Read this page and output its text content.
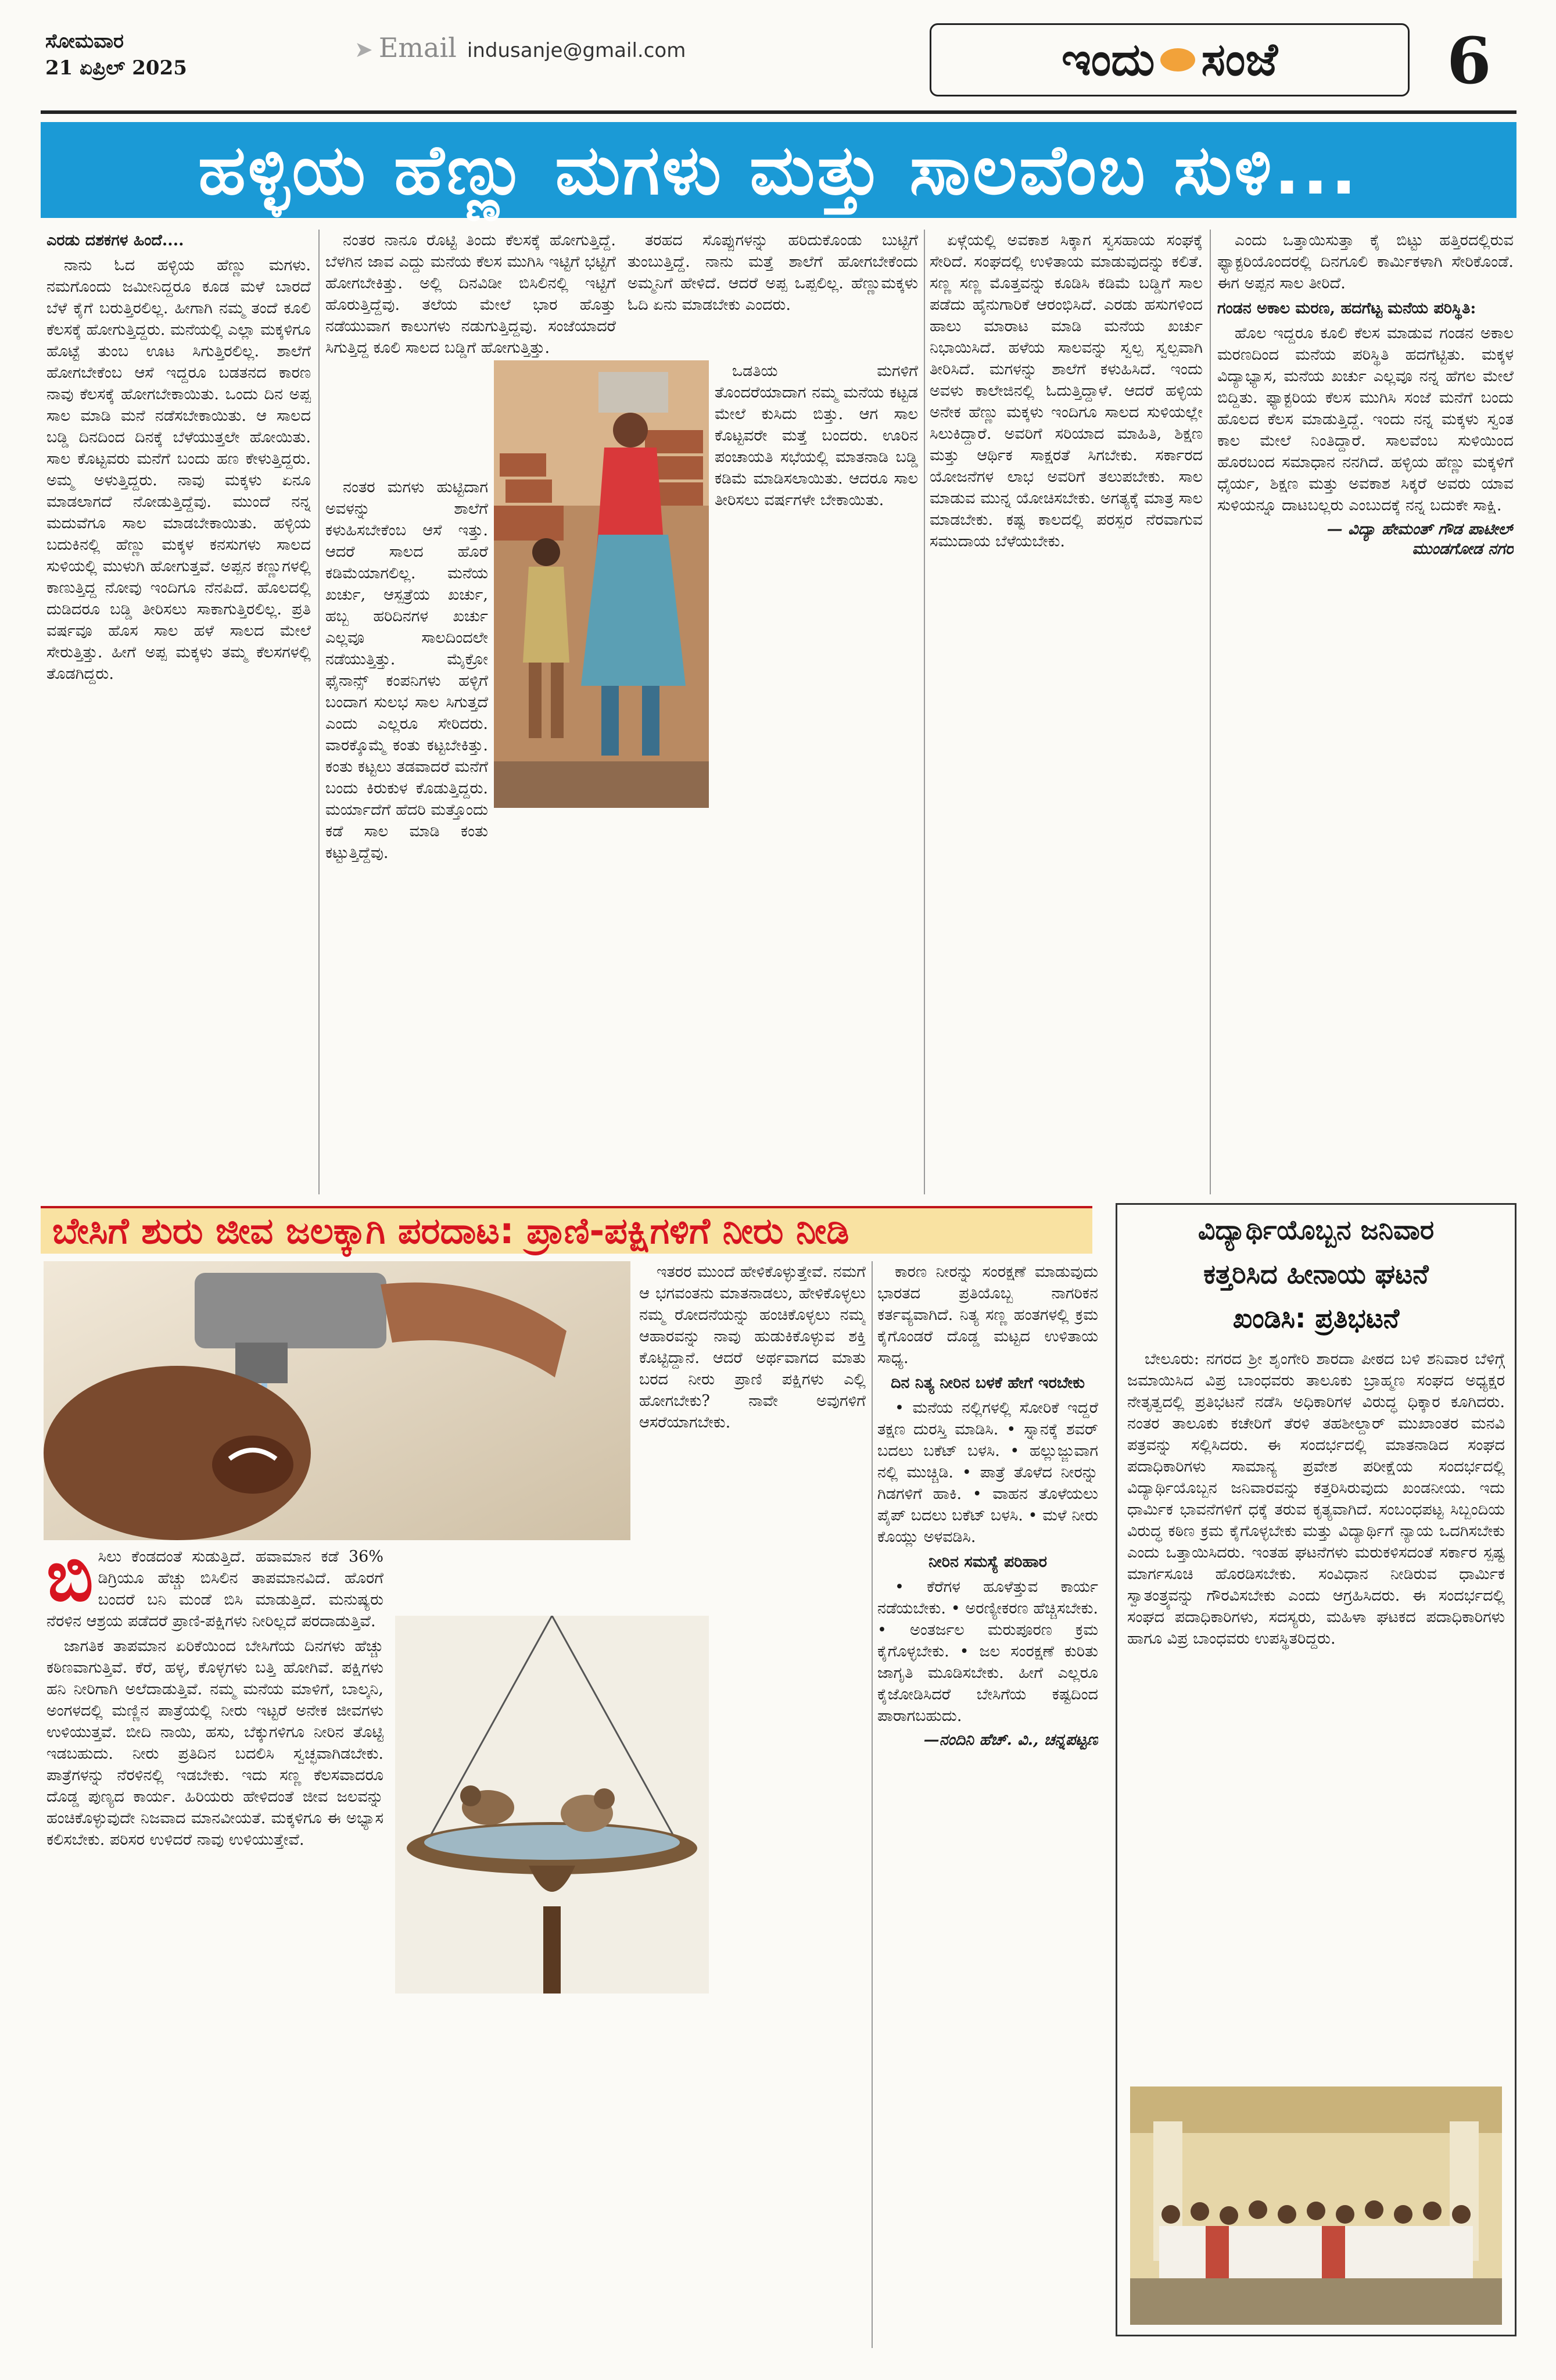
ಸೋಮವಾರ
21 ಏಪ್ರಿಲ್ 2025
➤ Email indusanje@gmail.com	ಇಂದು ಸಂಜೆ	6
ಹಳ್ಳಿಯ ಹೆಣ್ಣು ಮಗಳು ಮತ್ತು ಸಾಲವೆಂಬ ಸುಳಿ...

ಎರಡು ದಶಕಗಳ ಹಿಂದೆ....

ನಾನು ಓದ ಹಳ್ಳಿಯ ಹೆಣ್ಣು ಮಗಳು. ನಮಗೊಂದು ಜಮೀನಿದ್ದರೂ ಕೂಡ ಮಳೆ ಬಾರದೆ ಬೆಳೆ ಕೈಗೆ ಬರುತ್ತಿರಲಿಲ್ಲ. ಹೀಗಾಗಿ ನಮ್ಮ ತಂದೆ ಕೂಲಿ ಕೆಲಸಕ್ಕೆ ಹೋಗುತ್ತಿದ್ದರು. ಮನೆಯಲ್ಲಿ ಎಲ್ಲಾ ಮಕ್ಕಳಿಗೂ ಹೊಟ್ಟೆ ತುಂಬ ಊಟ ಸಿಗುತ್ತಿರಲಿಲ್ಲ. ಶಾಲೆಗೆ ಹೋಗಬೇಕೆಂಬ ಆಸೆ ಇದ್ದರೂ ಬಡತನದ ಕಾರಣ ನಾವು ಕೆಲಸಕ್ಕೆ ಹೋಗಬೇಕಾಯಿತು. ಒಂದು ದಿನ ಅಪ್ಪ ಸಾಲ ಮಾಡಿ ಮನೆ ನಡೆಸಬೇಕಾಯಿತು. ಆ ಸಾಲದ ಬಡ್ಡಿ ದಿನದಿಂದ ದಿನಕ್ಕೆ ಬೆಳೆಯುತ್ತಲೇ ಹೋಯಿತು. ಸಾಲ ಕೊಟ್ಟವರು ಮನೆಗೆ ಬಂದು ಹಣ ಕೇಳುತ್ತಿದ್ದರು. ಅಮ್ಮ ಅಳುತ್ತಿದ್ದರು. ನಾವು ಮಕ್ಕಳು ಏನೂ ಮಾಡಲಾಗದೆ ನೋಡುತ್ತಿದ್ದೆವು. ಮುಂದೆ ನನ್ನ ಮದುವೆಗೂ ಸಾಲ ಮಾಡಬೇಕಾಯಿತು. ಹಳ್ಳಿಯ ಬದುಕಿನಲ್ಲಿ ಹೆಣ್ಣು ಮಕ್ಕಳ ಕನಸುಗಳು ಸಾಲದ ಸುಳಿಯಲ್ಲಿ ಮುಳುಗಿ ಹೋಗುತ್ತವೆ. ಅಪ್ಪನ ಕಣ್ಣುಗಳಲ್ಲಿ ಕಾಣುತ್ತಿದ್ದ ನೋವು ಇಂದಿಗೂ ನೆನಪಿದೆ. ಹೊಲದಲ್ಲಿ ದುಡಿದರೂ ಬಡ್ಡಿ ತೀರಿಸಲು ಸಾಕಾಗುತ್ತಿರಲಿಲ್ಲ. ಪ್ರತಿ ವರ್ಷವೂ ಹೊಸ ಸಾಲ ಹಳೆ ಸಾಲದ ಮೇಲೆ ಸೇರುತ್ತಿತ್ತು. ಹೀಗೆ ಅಪ್ಪ ಮಕ್ಕಳು ತಮ್ಮ ಕೆಲಸಗಳಲ್ಲಿ ತೊಡಗಿದ್ದರು.

ನಂತರ ನಾನೂ ರೊಟ್ಟಿ ತಿಂದು ಕೆಲಸಕ್ಕೆ ಹೋಗುತ್ತಿದ್ದೆ. ಬೆಳಗಿನ ಜಾವ ಎದ್ದು ಮನೆಯ ಕೆಲಸ ಮುಗಿಸಿ ಇಟ್ಟಿಗೆ ಭಟ್ಟಿಗೆ ಹೋಗಬೇಕಿತ್ತು. ಅಲ್ಲಿ ದಿನವಿಡೀ ಬಿಸಿಲಿನಲ್ಲಿ ಇಟ್ಟಿಗೆ ಹೊರುತ್ತಿದ್ದೆವು. ತಲೆಯ ಮೇಲೆ ಭಾರ ಹೊತ್ತು ನಡೆಯುವಾಗ ಕಾಲುಗಳು ನಡುಗುತ್ತಿದ್ದವು. ಸಂಜೆಯಾದರೆ ಸಿಗುತ್ತಿದ್ದ ಕೂಲಿ ಸಾಲದ ಬಡ್ಡಿಗೆ ಹೋಗುತ್ತಿತ್ತು.

ನಂತರ ಮಗಳು ಹುಟ್ಟಿದಾಗ ಅವಳನ್ನು ಶಾಲೆಗೆ ಕಳುಹಿಸಬೇಕೆಂಬ ಆಸೆ ಇತ್ತು. ಆದರೆ ಸಾಲದ ಹೊರೆ ಕಡಿಮೆಯಾಗಲಿಲ್ಲ. ಮನೆಯ ಖರ್ಚು, ಆಸ್ಪತ್ರೆಯ ಖರ್ಚು, ಹಬ್ಬ ಹರಿದಿನಗಳ ಖರ್ಚು ಎಲ್ಲವೂ ಸಾಲದಿಂದಲೇ ನಡೆಯುತ್ತಿತ್ತು. ಮೈಕ್ರೋ ಫೈನಾನ್ಸ್ ಕಂಪನಿಗಳು ಹಳ್ಳಿಗೆ ಬಂದಾಗ ಸುಲಭ ಸಾಲ ಸಿಗುತ್ತದೆ ಎಂದು ಎಲ್ಲರೂ ಸೇರಿದರು. ವಾರಕ್ಕೊಮ್ಮೆ ಕಂತು ಕಟ್ಟಬೇಕಿತ್ತು. ಕಂತು ಕಟ್ಟಲು ತಡವಾದರೆ ಮನೆಗೆ ಬಂದು ಕಿರುಕುಳ ಕೊಡುತ್ತಿದ್ದರು. ಮರ್ಯಾದೆಗೆ ಹೆದರಿ ಮತ್ತೊಂದು ಕಡೆ ಸಾಲ ಮಾಡಿ ಕಂತು ಕಟ್ಟುತ್ತಿದ್ದೆವು.

ತರಹದ ಸೊಪ್ಪುಗಳನ್ನು ಹರಿದುಕೊಂಡು ಬುಟ್ಟಿಗೆ ತುಂಬುತ್ತಿದ್ದೆ. ನಾನು ಮತ್ತೆ ಶಾಲೆಗೆ ಹೋಗಬೇಕೆಂದು ಅಮ್ಮನಿಗೆ ಹೇಳಿದೆ. ಆದರೆ ಅಪ್ಪ ಒಪ್ಪಲಿಲ್ಲ. ಹೆಣ್ಣುಮಕ್ಕಳು ಓದಿ ಏನು ಮಾಡಬೇಕು ಎಂದರು.

ಒಡತಿಯ ಮಗಳಿಗೆ ತೊಂದರೆಯಾದಾಗ ನಮ್ಮ ಮನೆಯ ಕಟ್ಟಡ ಮೇಲೆ ಕುಸಿದು ಬಿತ್ತು. ಆಗ ಸಾಲ ಕೊಟ್ಟವರೇ ಮತ್ತೆ ಬಂದರು. ಊರಿನ ಪಂಚಾಯತಿ ಸಭೆಯಲ್ಲಿ ಮಾತನಾಡಿ ಬಡ್ಡಿ ಕಡಿಮೆ ಮಾಡಿಸಲಾಯಿತು. ಆದರೂ ಸಾಲ ತೀರಿಸಲು ವರ್ಷಗಳೇ ಬೇಕಾಯಿತು.

ಏಳ್ಗೆಯಲ್ಲಿ ಅವಕಾಶ ಸಿಕ್ಕಾಗ ಸ್ವಸಹಾಯ ಸಂಘಕ್ಕೆ ಸೇರಿದೆ. ಸಂಘದಲ್ಲಿ ಉಳಿತಾಯ ಮಾಡುವುದನ್ನು ಕಲಿತೆ. ಸಣ್ಣ ಸಣ್ಣ ಮೊತ್ತವನ್ನು ಕೂಡಿಸಿ ಕಡಿಮೆ ಬಡ್ಡಿಗೆ ಸಾಲ ಪಡೆದು ಹೈನುಗಾರಿಕೆ ಆರಂಭಿಸಿದೆ. ಎರಡು ಹಸುಗಳಿಂದ ಹಾಲು ಮಾರಾಟ ಮಾಡಿ ಮನೆಯ ಖರ್ಚು ನಿಭಾಯಿಸಿದೆ. ಹಳೆಯ ಸಾಲವನ್ನು ಸ್ವಲ್ಪ ಸ್ವಲ್ಪವಾಗಿ ತೀರಿಸಿದೆ. ಮಗಳನ್ನು ಶಾಲೆಗೆ ಕಳುಹಿಸಿದೆ. ಇಂದು ಅವಳು ಕಾಲೇಜಿನಲ್ಲಿ ಓದುತ್ತಿದ್ದಾಳೆ. ಆದರೆ ಹಳ್ಳಿಯ ಅನೇಕ ಹೆಣ್ಣು ಮಕ್ಕಳು ಇಂದಿಗೂ ಸಾಲದ ಸುಳಿಯಲ್ಲೇ ಸಿಲುಕಿದ್ದಾರೆ. ಅವರಿಗೆ ಸರಿಯಾದ ಮಾಹಿತಿ, ಶಿಕ್ಷಣ ಮತ್ತು ಆರ್ಥಿಕ ಸಾಕ್ಷರತೆ ಸಿಗಬೇಕು. ಸರ್ಕಾರದ ಯೋಜನೆಗಳ ಲಾಭ ಅವರಿಗೆ ತಲುಪಬೇಕು. ಸಾಲ ಮಾಡುವ ಮುನ್ನ ಯೋಚಿಸಬೇಕು. ಅಗತ್ಯಕ್ಕೆ ಮಾತ್ರ ಸಾಲ ಮಾಡಬೇಕು. ಕಷ್ಟ ಕಾಲದಲ್ಲಿ ಪರಸ್ಪರ ನೆರವಾಗುವ ಸಮುದಾಯ ಬೆಳೆಯಬೇಕು.

ಎಂದು ಒತ್ತಾಯಿಸುತ್ತಾ ಕೈ ಬಿಟ್ಟು ಹತ್ತಿರದಲ್ಲಿರುವ ಫ್ಯಾಕ್ಟರಿಯೊಂದರಲ್ಲಿ ದಿನಗೂಲಿ ಕಾರ್ಮಿಕಳಾಗಿ ಸೇರಿಕೊಂಡೆ. ಈಗ ಅಪ್ಪನ ಸಾಲ ತೀರಿದೆ.

ಗಂಡನ ಅಕಾಲ ಮರಣ, ಹದಗೆಟ್ಟ ಮನೆಯ ಪರಿಸ್ಥಿತಿ:

ಹೊಲ ಇದ್ದರೂ ಕೂಲಿ ಕೆಲಸ ಮಾಡುವ ಗಂಡನ ಅಕಾಲ ಮರಣದಿಂದ ಮನೆಯ ಪರಿಸ್ಥಿತಿ ಹದಗೆಟ್ಟಿತು. ಮಕ್ಕಳ ವಿದ್ಯಾಭ್ಯಾಸ, ಮನೆಯ ಖರ್ಚು ಎಲ್ಲವೂ ನನ್ನ ಹೆಗಲ ಮೇಲೆ ಬಿದ್ದಿತು. ಫ್ಯಾಕ್ಟರಿಯ ಕೆಲಸ ಮುಗಿಸಿ ಸಂಜೆ ಮನೆಗೆ ಬಂದು ಹೊಲದ ಕೆಲಸ ಮಾಡುತ್ತಿದ್ದೆ. ಇಂದು ನನ್ನ ಮಕ್ಕಳು ಸ್ವಂತ ಕಾಲ ಮೇಲೆ ನಿಂತಿದ್ದಾರೆ. ಸಾಲವೆಂಬ ಸುಳಿಯಿಂದ ಹೊರಬಂದ ಸಮಾಧಾನ ನನಗಿದೆ. ಹಳ್ಳಿಯ ಹೆಣ್ಣು ಮಕ್ಕಳಿಗೆ ಧೈರ್ಯ, ಶಿಕ್ಷಣ ಮತ್ತು ಅವಕಾಶ ಸಿಕ್ಕರೆ ಅವರು ಯಾವ ಸುಳಿಯನ್ನೂ ದಾಟಬಲ್ಲರು ಎಂಬುದಕ್ಕೆ ನನ್ನ ಬದುಕೇ ಸಾಕ್ಷಿ.

— ವಿದ್ಯಾ ಹೇಮಂತ್ ಗೌಡ ಪಾಟೀಲ್
ಮುಂಡಗೋಡ ನಗರ
ಬೇಸಿಗೆ ಶುರು ಜೀವ ಜಲಕ್ಕಾಗಿ ಪರದಾಟ:
ಪ್ರಾಣಿ-ಪಕ್ಷಿಗಳಿಗೆ ನೀರು ನೀಡಿ

ಇತರರ ಮುಂದೆ ಹೇಳಿಕೊಳ್ಳುತ್ತೇವೆ. ನಮಗೆ ಆ ಭಗವಂತನು ಮಾತನಾಡಲು, ಹೇಳಿಕೊಳ್ಳಲು ನಮ್ಮ ರೋದನೆಯನ್ನು ಹಂಚಿಕೊಳ್ಳಲು ನಮ್ಮ ಆಹಾರವನ್ನು ನಾವು ಹುಡುಕಿಕೊಳ್ಳುವ ಶಕ್ತಿ ಕೊಟ್ಟಿದ್ದಾನೆ. ಆದರೆ ಅರ್ಥವಾಗದ ಮಾತು ಬರದ ನೀರು ಪ್ರಾಣಿ ಪಕ್ಷಿಗಳು ಎಲ್ಲಿ ಹೋಗಬೇಕು? ನಾವೇ ಅವುಗಳಿಗೆ ಆಸರೆಯಾಗಬೇಕು.

ಬಿಸಿಲು ಕೆಂಡದಂತೆ ಸುಡುತ್ತಿದೆ. ಹವಾಮಾನ ಕಡೆ 36% ಡಿಗ್ರಿಯೂ ಹೆಚ್ಚು ಬಿಸಿಲಿನ ತಾಪಮಾನವಿದೆ. ಹೊರಗೆ ಬಂದರೆ ಬನಿ ಮಂಡೆ ಬಿಸಿ ಮಾಡುತ್ತಿದೆ. ಮನುಷ್ಯರು ನೆರಳಿನ ಆಶ್ರಯ ಪಡೆದರೆ ಪ್ರಾಣಿ-ಪಕ್ಷಿಗಳು ನೀರಿಲ್ಲದೆ ಪರದಾಡುತ್ತಿವೆ.

ಜಾಗತಿಕ ತಾಪಮಾನ ಏರಿಕೆಯಿಂದ ಬೇಸಿಗೆಯ ದಿನಗಳು ಹೆಚ್ಚು ಕಠಿಣವಾಗುತ್ತಿವೆ. ಕೆರೆ, ಹಳ್ಳ, ಕೊಳ್ಳಗಳು ಬತ್ತಿ ಹೋಗಿವೆ. ಪಕ್ಷಿಗಳು ಹನಿ ನೀರಿಗಾಗಿ ಅಲೆದಾಡುತ್ತಿವೆ. ನಮ್ಮ ಮನೆಯ ಮಾಳಿಗೆ, ಬಾಲ್ಕನಿ, ಅಂಗಳದಲ್ಲಿ ಮಣ್ಣಿನ ಪಾತ್ರೆಯಲ್ಲಿ ನೀರು ಇಟ್ಟರೆ ಅನೇಕ ಜೀವಗಳು ಉಳಿಯುತ್ತವೆ. ಬೀದಿ ನಾಯಿ, ಹಸು, ಬೆಕ್ಕುಗಳಿಗೂ ನೀರಿನ ತೊಟ್ಟಿ ಇಡಬಹುದು. ನೀರು ಪ್ರತಿದಿನ ಬದಲಿಸಿ ಸ್ವಚ್ಛವಾಗಿಡಬೇಕು. ಪಾತ್ರೆಗಳನ್ನು ನೆರಳಿನಲ್ಲಿ ಇಡಬೇಕು. ಇದು ಸಣ್ಣ ಕೆಲಸವಾದರೂ ದೊಡ್ಡ ಪುಣ್ಯದ ಕಾರ್ಯ. ಹಿರಿಯರು ಹೇಳಿದಂತೆ ಜೀವ ಜಲವನ್ನು ಹಂಚಿಕೊಳ್ಳುವುದೇ ನಿಜವಾದ ಮಾನವೀಯತೆ. ಮಕ್ಕಳಿಗೂ ಈ ಅಭ್ಯಾಸ ಕಲಿಸಬೇಕು. ಪರಿಸರ ಉಳಿದರೆ ನಾವು ಉಳಿಯುತ್ತೇವೆ.

ಕಾರಣ ನೀರನ್ನು ಸಂರಕ್ಷಣೆ ಮಾಡುವುದು ಭಾರತದ ಪ್ರತಿಯೊಬ್ಬ ನಾಗರಿಕನ ಕರ್ತವ್ಯವಾಗಿದೆ. ನಿತ್ಯ ಸಣ್ಣ ಹಂತಗಳಲ್ಲಿ ಕ್ರಮ ಕೈಗೊಂಡರೆ ದೊಡ್ಡ ಮಟ್ಟದ ಉಳಿತಾಯ ಸಾಧ್ಯ.

ದಿನ ನಿತ್ಯ ನೀರಿನ ಬಳಕೆ ಹೇಗೆ ಇರಬೇಕು

• ಮನೆಯ ನಲ್ಲಿಗಳಲ್ಲಿ ಸೋರಿಕೆ ಇದ್ದರೆ ತಕ್ಷಣ ದುರಸ್ತಿ ಮಾಡಿಸಿ. • ಸ್ನಾನಕ್ಕೆ ಶವರ್ ಬದಲು ಬಕೆಟ್ ಬಳಸಿ. • ಹಲ್ಲುಜ್ಜುವಾಗ ನಲ್ಲಿ ಮುಚ್ಚಿಡಿ. • ಪಾತ್ರೆ ತೊಳೆದ ನೀರನ್ನು ಗಿಡಗಳಿಗೆ ಹಾಕಿ. • ವಾಹನ ತೊಳೆಯಲು ಪೈಪ್ ಬದಲು ಬಕೆಟ್ ಬಳಸಿ. • ಮಳೆ ನೀರು ಕೊಯ್ಲು ಅಳವಡಿಸಿ.

ನೀರಿನ ಸಮಸ್ಯೆ ಪರಿಹಾರ

• ಕೆರೆಗಳ ಹೂಳೆತ್ತುವ ಕಾರ್ಯ ನಡೆಯಬೇಕು. • ಅರಣ್ಯೀಕರಣ ಹೆಚ್ಚಿಸಬೇಕು. • ಅಂತರ್ಜಲ ಮರುಪೂರಣ ಕ್ರಮ ಕೈಗೊಳ್ಳಬೇಕು. • ಜಲ ಸಂರಕ್ಷಣೆ ಕುರಿತು ಜಾಗೃತಿ ಮೂಡಿಸಬೇಕು. ಹೀಗೆ ಎಲ್ಲರೂ ಕೈಜೋಡಿಸಿದರೆ ಬೇಸಿಗೆಯ ಕಷ್ಟದಿಂದ ಪಾರಾಗಬಹುದು.

—ನಂದಿನಿ ಹೆಚ್. ವಿ., ಚನ್ನಪಟ್ಟಣ
ವಿದ್ಯಾರ್ಥಿಯೊಬ್ಬನ ಜನಿವಾರ
ಕತ್ತರಿಸಿದ ಹೀನಾಯ ಘಟನೆ
ಖಂಡಿಸಿ: ಪ್ರತಿಭಟನೆ

ಬೇಲೂರು: ನಗರದ ಶ್ರೀ ಶೃಂಗೇರಿ ಶಾರದಾ ಪೀಠದ ಬಳಿ ಶನಿವಾರ ಬೆಳಿಗ್ಗೆ ಜಮಾಯಿಸಿದ ವಿಪ್ರ ಬಾಂಧವರು ತಾಲೂಕು ಬ್ರಾಹ್ಮಣ ಸಂಘದ ಅಧ್ಯಕ್ಷರ ನೇತೃತ್ವದಲ್ಲಿ ಪ್ರತಿಭಟನೆ ನಡೆಸಿ ಅಧಿಕಾರಿಗಳ ವಿರುದ್ಧ ಧಿಕ್ಕಾರ ಕೂಗಿದರು. ನಂತರ ತಾಲೂಕು ಕಚೇರಿಗೆ ತೆರಳಿ ತಹಶೀಲ್ದಾರ್ ಮುಖಾಂತರ ಮನವಿ ಪತ್ರವನ್ನು ಸಲ್ಲಿಸಿದರು. ಈ ಸಂದರ್ಭದಲ್ಲಿ ಮಾತನಾಡಿದ ಸಂಘದ ಪದಾಧಿಕಾರಿಗಳು ಸಾಮಾನ್ಯ ಪ್ರವೇಶ ಪರೀಕ್ಷೆಯ ಸಂದರ್ಭದಲ್ಲಿ ವಿದ್ಯಾರ್ಥಿಯೊಬ್ಬನ ಜನಿವಾರವನ್ನು ಕತ್ತರಿಸಿರುವುದು ಖಂಡನೀಯ. ಇದು ಧಾರ್ಮಿಕ ಭಾವನೆಗಳಿಗೆ ಧಕ್ಕೆ ತರುವ ಕೃತ್ಯವಾಗಿದೆ. ಸಂಬಂಧಪಟ್ಟ ಸಿಬ್ಬಂದಿಯ ವಿರುದ್ಧ ಕಠಿಣ ಕ್ರಮ ಕೈಗೊಳ್ಳಬೇಕು ಮತ್ತು ವಿದ್ಯಾರ್ಥಿಗೆ ನ್ಯಾಯ ಒದಗಿಸಬೇಕು ಎಂದು ಒತ್ತಾಯಿಸಿದರು. ಇಂತಹ ಘಟನೆಗಳು ಮರುಕಳಿಸದಂತೆ ಸರ್ಕಾರ ಸ್ಪಷ್ಟ ಮಾರ್ಗಸೂಚಿ ಹೊರಡಿಸಬೇಕು. ಸಂವಿಧಾನ ನೀಡಿರುವ ಧಾರ್ಮಿಕ ಸ್ವಾತಂತ್ರ್ಯವನ್ನು ಗೌರವಿಸಬೇಕು ಎಂದು ಆಗ್ರಹಿಸಿದರು. ಈ ಸಂದರ್ಭದಲ್ಲಿ ಸಂಘದ ಪದಾಧಿಕಾರಿಗಳು, ಸದಸ್ಯರು, ಮಹಿಳಾ ಘಟಕದ ಪದಾಧಿಕಾರಿಗಳು ಹಾಗೂ ವಿಪ್ರ ಬಾಂಧವರು ಉಪಸ್ಥಿತರಿದ್ದರು.
